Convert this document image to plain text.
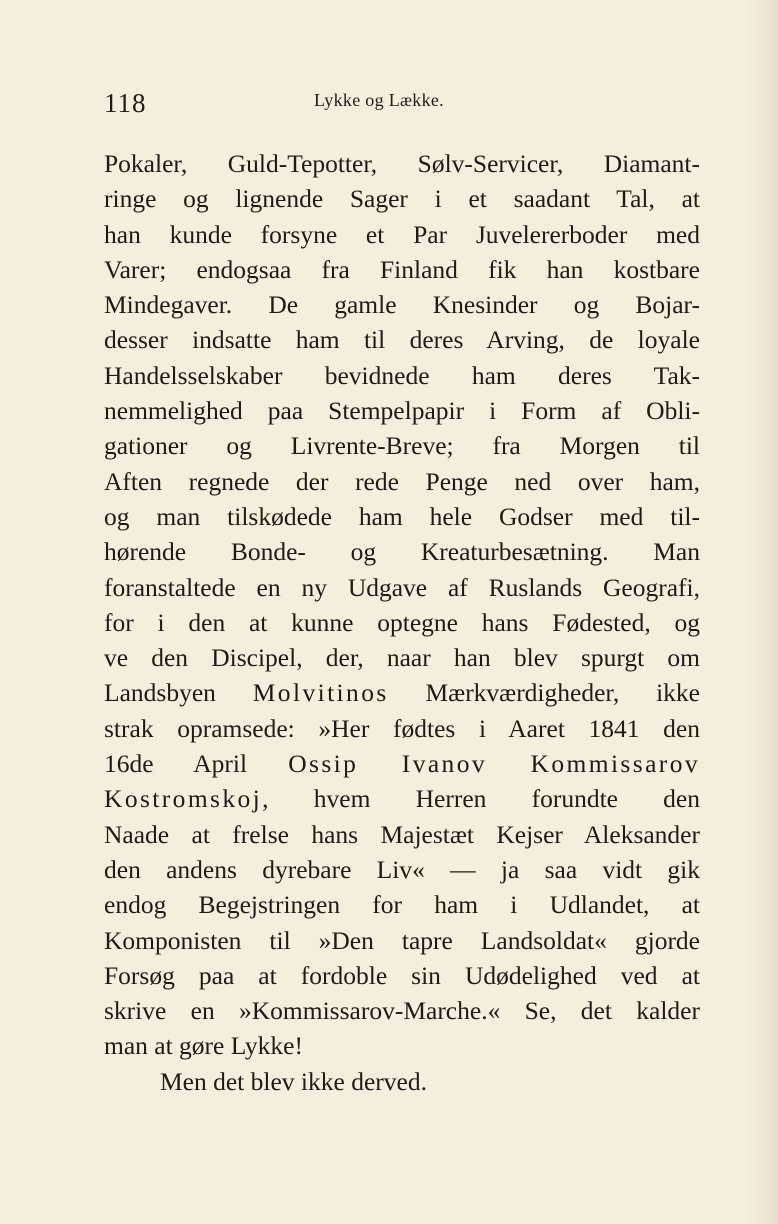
118	Lykke og Lække.
Pokaler, Guld-Tepotter, Sølv-Servicer, Diamant-
ringe og lignende Sager i et saadant Tal, at
han kunde forsyne et Par Juvelererboder med
Varer; endogsaa fra Finland fik han kostbare
Mindegaver. De gamle Knesinder og Bojar-
desser indsatte ham til deres Arving, de loyale
Handelsselskaber bevidnede ham deres Tak-
nemmelighed paa Stempelpapir i Form af Obli-
gationer og Livrente-Breve; fra Morgen til
Aften regnede der rede Penge ned over ham,
og man tilskødede ham hele Godser med til-
hørende Bonde- og Kreaturbesætning. Man
foranstaltede en ny Udgave af Ruslands Geografi,
for i den at kunne optegne hans Fødested, og
ve den Discipel, der, naar han blev spurgt om
Landsbyen Molvitinos Mærkværdigheder, ikke
strak opramsede: »Her fødtes i Aaret 1841 den
16de April Ossip Ivanov Kommissarov
Kostromskoj, hvem Herren forundte den
Naade at frelse hans Majestæt Kejser Aleksander
den andens dyrebare Liv« — ja saa vidt gik
endog Begejstringen for ham i Udlandet, at
Komponisten til »Den tapre Landsoldat« gjorde
Forsøg paa at fordoble sin Udødelighed ved at
skrive en »Kommissarov-Marche.« Se, det kalder
man at gøre Lykke!
Men det blev ikke derved.
